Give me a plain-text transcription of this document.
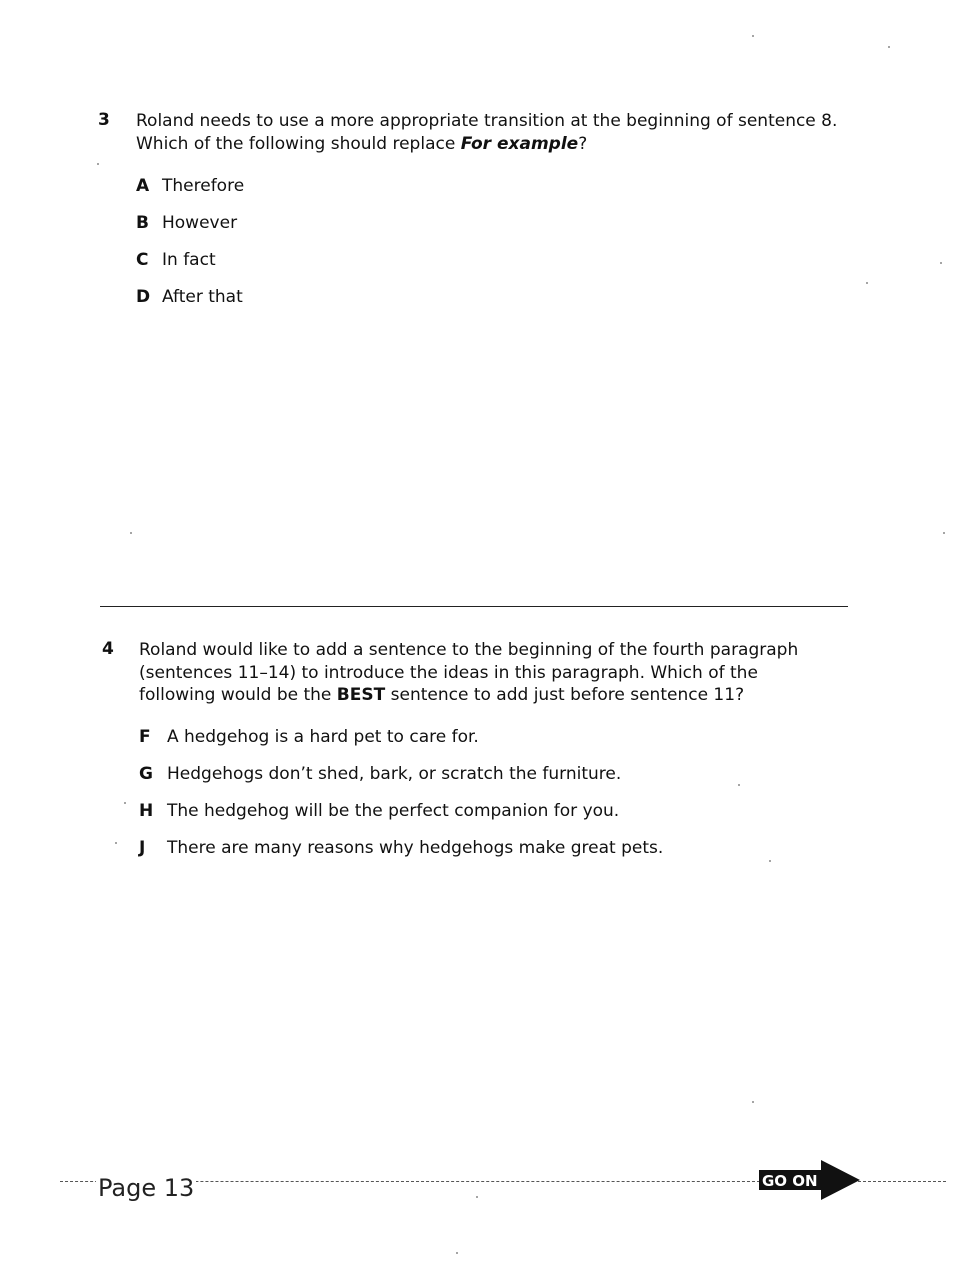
3 Roland needs to use a more appropriate transition at the beginning of sentence 8. Which of the following should replace For example?
A Therefore
B However
C In fact
D After that
4 Roland would like to add a sentence to the beginning of the fourth paragraph (sentences 11–14) to introduce the ideas in this paragraph. Which of the following would be the BEST sentence to add just before sentence 11?
F A hedgehog is a hard pet to care for.
G Hedgehogs don’t shed, bark, or scratch the furniture.
H The hedgehog will be the perfect companion for you.
J There are many reasons why hedgehogs make great pets.
Page 13	GO ON
